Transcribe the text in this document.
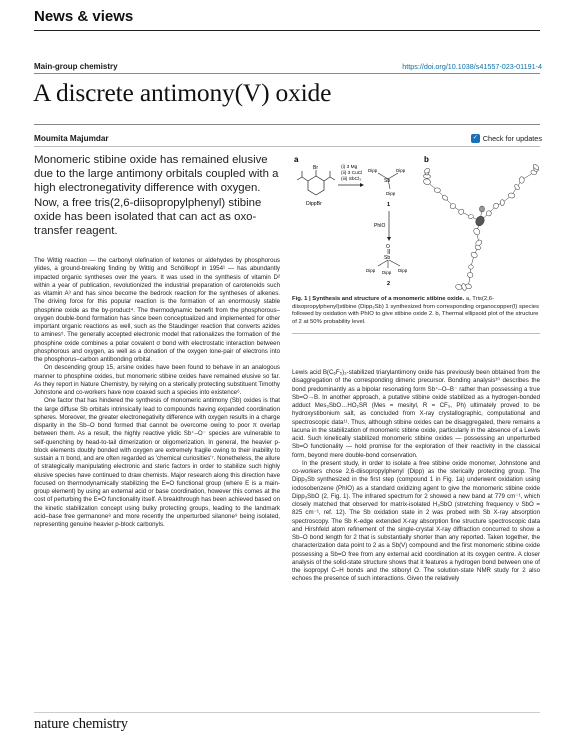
News & views
Main-group chemistry	https://doi.org/10.1038/s41557-023-01191-4
A discrete antimony(V) oxide
Moumita Majumdar	✓ Check for updates
Monomeric stibine oxide has remained elusive due to the large antimony orbitals coupled with a high electronegativity difference with oxygen. Now, a free tris(2,6-diisopropylphenyl) stibine oxide has been isolated that can act as oxo-transfer reagent.

The Wittig reaction — the carbonyl olefination of ketones or aldehydes by phosphorous ylides, a ground-breaking finding by Wittig and Schöllkopf in 1954¹ — has abundantly impacted organic syntheses over the years. It was used in the synthesis of vitamin D² within a year of publication, revolutionized the industrial preparation of carotenoids such as vitamin A³ and has since become the bedrock reaction for the syntheses of alkenes. The driving force for this popular reaction is the formation of an enormously stable phosphine oxide as the by-product⁴. The thermodynamic benefit from the phosphorous–oxygen double-bond formation has since been conceptualized and implemented for other important organic reactions as well, such as the Staudinger reaction that converts azides to amines⁵. The generally accepted electronic model that rationalizes the formation of the phosphine oxide combines a polar covalent σ bond with electrostatic interaction between phosphorous and oxygen, as well as a donation of the oxygen lone-pair of electrons into the phosphorus–carbon antibonding orbital.

On descending group 15, arsine oxides have been found to behave in an analogous manner to phosphine oxides, but monomeric stibine oxides have remained elusive so far. As they report in Nature Chemistry, by relying on a sterically protecting substituent Timothy Johnstone and co-workers have now coaxed such a species into existence⁶.

One factor that has hindered the synthesis of monomeric antimony (Sb) oxides is that the large diffuse Sb orbitals intrinsically lead to compounds having expanded coordination spheres. Moreover, the greater electronegativity difference with oxygen results in a charge disparity in the Sb–O bond formed that cannot be overcome owing to poor π overlap between them. As a result, the highly reactive ylidic Sb⁺–O⁻ species are vulnerable to self-quenching by head-to-tail dimerization or oligomerization. In general, the heavier p-block elements doubly bonded with oxygen are extremely fragile owing to their inability to sustain a π bond, and are often regarded as 'chemical curiosities'⁷. Nonetheless, the allure of strategically manipulating electronic and steric factors in order to stabilize such highly elusive species have continued to draw chemists. Major research along this direction have focused on thermodynamically stabilizing the E=O functional group (where E is a main-group element) by using an external acid or base coordination, however this comes at the cost of perturbing the E=O functionality itself. A breakthrough has been achieved based on the kinetic stabilization concept using bulky protecting groups, leading to the landmark acid–base free germanone⁸ and more recently the unperturbed silanone⁹ being isolated, representing genuine heavier p-block carbonyls.

a	b
Br
DippBr
(i) 3 Mg
(ii) 3 CuCl
(iii) SbCl₃	Sb
Dipp	Dipp
Dipp
1
PhIO
O
Sb
Dipp Dipp Dipp
2
Fig. 1 | Synthesis and structure of a monomeric stibine oxide. a, Tris(2,6-diisopropylphenyl)stibine (Dipp₃Sb) 1 synthesized from corresponding organocopper(I) species followed by oxidation with PhIO to give stibine oxide 2. b, Thermal ellipsoid plot of the structure of 2 at 50% probability level.

Lewis acid B(C₆F₅)₃-stabilized triarylantimony oxide has previously been obtained from the disaggregation of the corresponding dimeric precursor. Bonding analysis¹⁰ describes the bond predominantly as a bipolar resonating form Sb⁺–O–B⁻ rather than possessing a true Sb=O→B. In another approach, a putative stibine oxide stabilized as a hydrogen-bonded adduct Mes₃SbO…HO₂SR (Mes = mesityl, R = CF₃, Ph) ultimately proved to be hydroxystibonium salt, as concluded from X-ray crystallographic, computational and spectroscopic data¹¹. Thus, although stibine oxides can be disaggregated, there remains a lacuna in the stabilization of monomeric stibine oxide, particularly in the absence of a Lewis acid. Such kinetically stabilized monomeric stibine oxides — possessing an unperturbed Sb=O functionality — hold promise for the exploration of their reactivity in the classical form, beyond mere double-bond conservation.

In the present study, in order to isolate a free stibine oxide monomer, Johnstone and co-workers chose 2,6-diisopropylphenyl (Dipp) as the sterically protecting group. The Dipp₃Sb synthesized in the first step (compound 1 in Fig. 1a) underwent oxidation using iodosobenzene (PhIO) as a standard oxidizing agent to give the monomeric stibine oxide Dipp₃SbO (2, Fig. 1). The infrared spectrum for 2 showed a new band at 779 cm⁻¹, which closely matched that observed for matrix-isolated H₃SbO (stretching frequency ν SbO = 825 cm⁻¹, ref. 12). The Sb oxidation state in 2 was probed with Sb X-ray absorption spectroscopy. The Sb K-edge extended X-ray absorption fine structure spectroscopic data and Hirshfeld atom refinement of the single-crystal X-ray diffraction concurred to show a Sb–O bond length for 2 that is substantially shorter than any reported. Taken together, the characterization data point to 2 as a Sb(V) compound and the first monomeric stibine oxide possessing a Sb=O free from any external acid coordination at its oxygen centre. A closer analysis of the solid-state structure shows that it features a hydrogen bond between one of the isopropyl C–H bonds and the stiboryl O. The solution-state NMR study for 2 also echoes the presence of such interactions. Given the relatively

nature chemistry
